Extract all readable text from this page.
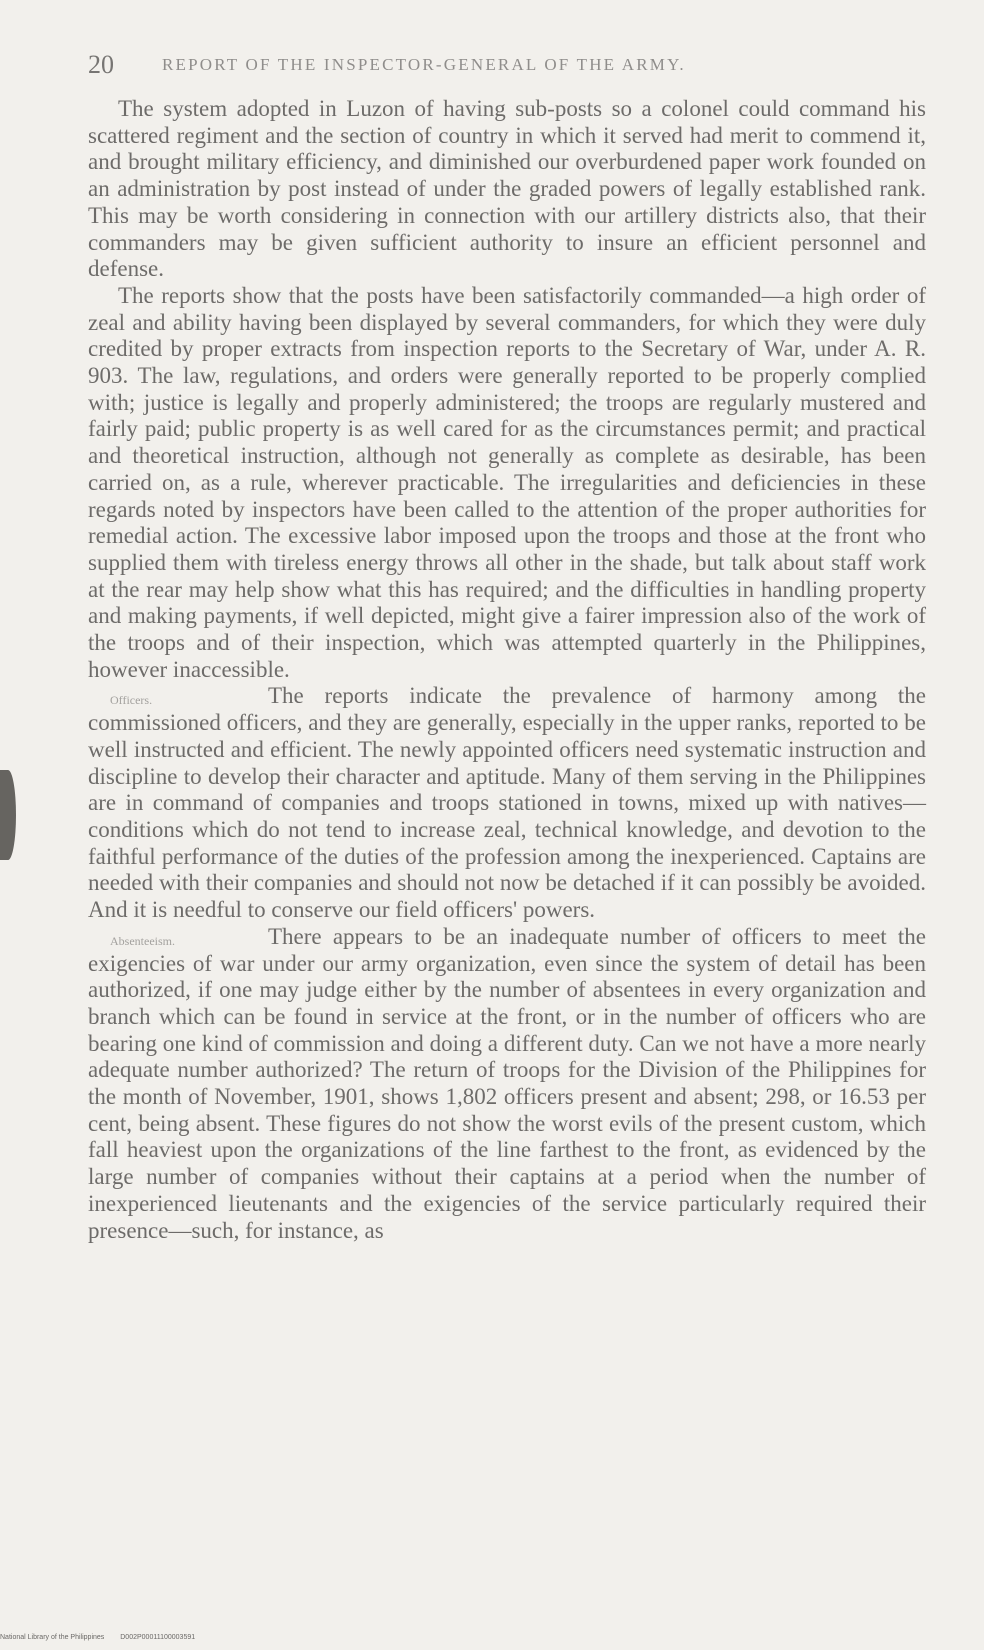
20	REPORT OF THE INSPECTOR-GENERAL OF THE ARMY.

The system adopted in Luzon of having sub-posts so a colonel could command his scattered regiment and the section of country in which it served had merit to commend it, and brought military efficiency, and diminished our overburdened paper work founded on an administration by post instead of under the graded powers of legally established rank. This may be worth considering in connection with our artillery districts also, that their commanders may be given sufficient authority to insure an efficient personnel and defense.

The reports show that the posts have been satisfactorily commanded—a high order of zeal and ability having been displayed by several commanders, for which they were duly credited by proper extracts from inspection reports to the Secretary of War, under A. R. 903. The law, regulations, and orders were generally reported to be properly complied with; justice is legally and properly administered; the troops are regularly mustered and fairly paid; public property is as well cared for as the circumstances permit; and practical and theoretical instruction, although not generally as complete as desirable, has been carried on, as a rule, wherever practicable. The irregularities and deficiencies in these regards noted by inspectors have been called to the attention of the proper authorities for remedial action. The excessive labor imposed upon the troops and those at the front who supplied them with tireless energy throws all other in the shade, but talk about staff work at the rear may help show what this has required; and the difficulties in handling property and making payments, if well depicted, might give a fairer impression also of the work of the troops and of their inspection, which was attempted quarterly in the Philippines, however inaccessible.

Officers.	The reports indicate the prevalence of harmony among the commissioned officers, and they are generally, especially in the upper ranks, reported to be well instructed and efficient. The newly appointed officers need systematic instruction and discipline to develop their character and aptitude. Many of them serving in the Philippines are in command of companies and troops stationed in towns, mixed up with natives—conditions which do not tend to increase zeal, technical knowledge, and devotion to the faithful performance of the duties of the profession among the inexperienced. Captains are needed with their companies and should not now be detached if it can possibly be avoided. And it is needful to conserve our field officers' powers.

Absenteeism.	There appears to be an inadequate number of officers to meet the exigencies of war under our army organization, even since the system of detail has been authorized, if one may judge either by the number of absentees in every organization and branch which can be found in service at the front, or in the number of officers who are bearing one kind of commission and doing a different duty. Can we not have a more nearly adequate number authorized? The return of troops for the Division of the Philippines for the month of November, 1901, shows 1,802 officers present and absent; 298, or 16.53 per cent, being absent. These figures do not show the worst evils of the present custom, which fall heaviest upon the organizations of the line farthest to the front, as evidenced by the large number of companies without their captains at a period when the number of inexperienced lieutenants and the exigencies of the service particularly required their presence—such, for instance, as

National Library of the Philippines D002P00011100003591
